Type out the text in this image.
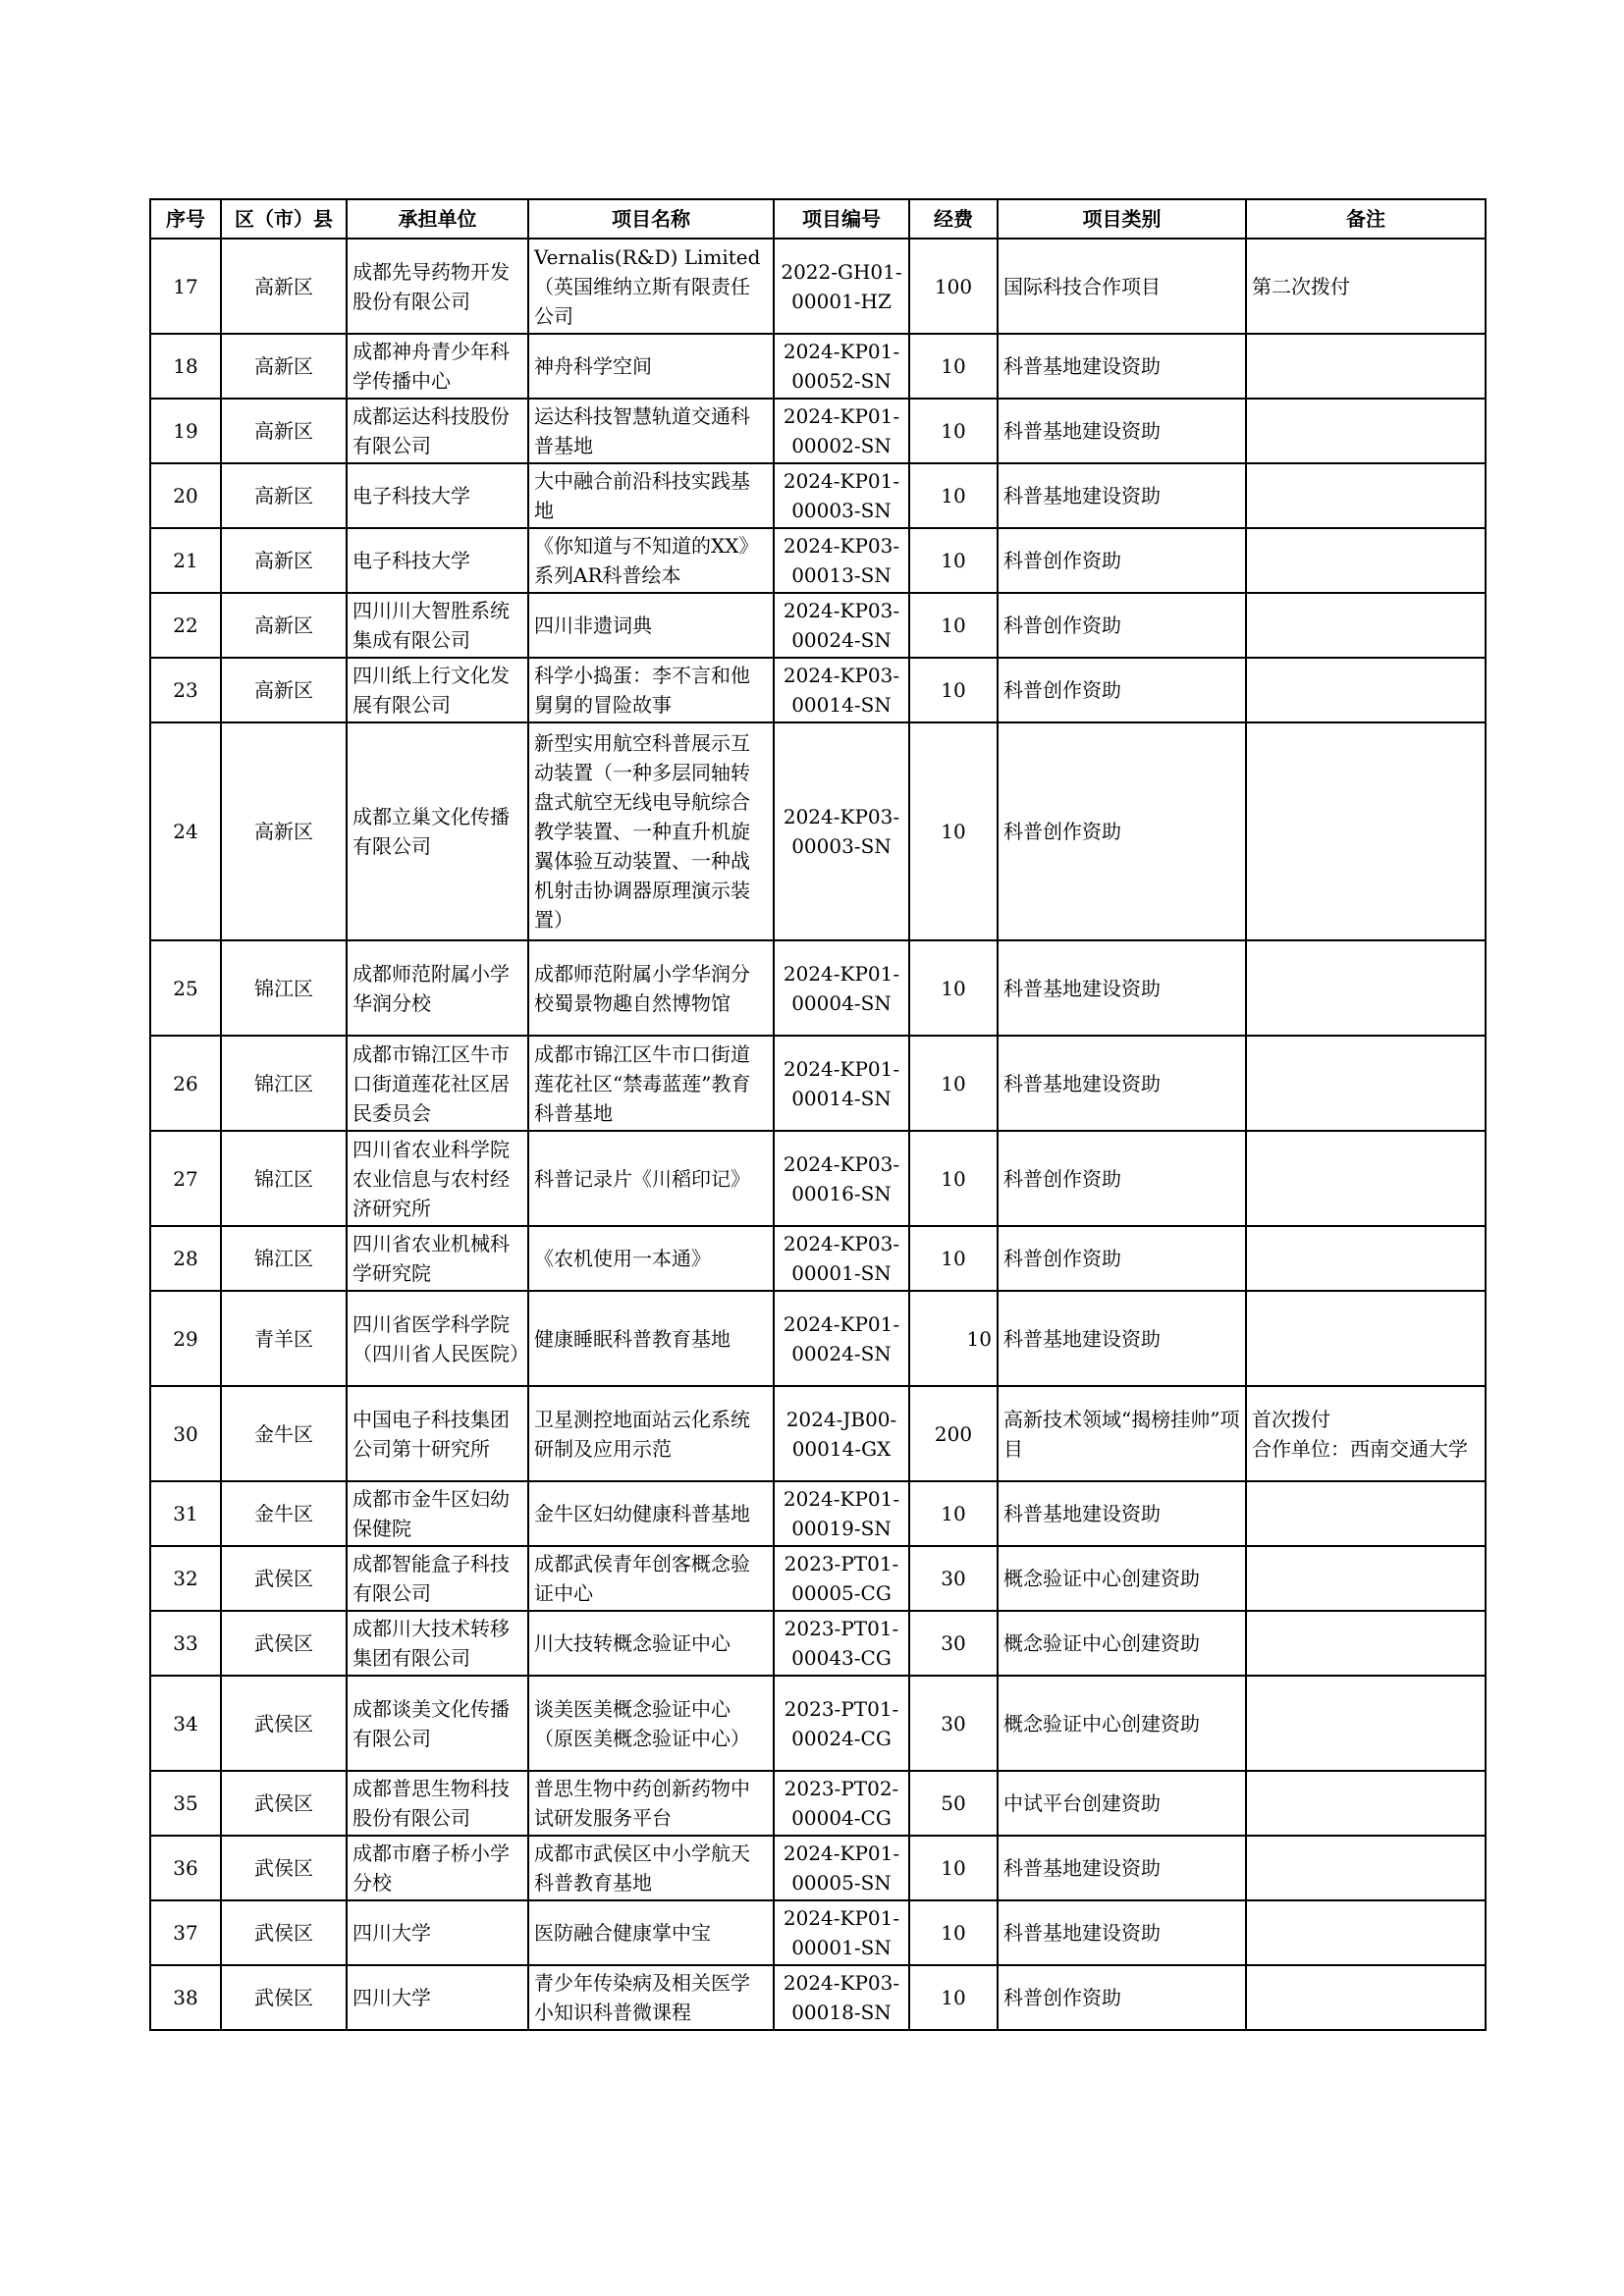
序号	区（市）县	承担单位	项目名称	项目编号	经费	项目类别	备注
17	高新区	成都先导药物开发股份有限公司	Vernalis(R&D) Limited（英国维纳立斯有限责任公司	2022-GH01-00001-HZ	100	国际科技合作项目	第二次拨付
18	高新区	成都神舟青少年科学传播中心	神舟科学空间	2024-KP01-00052-SN	10	科普基地建设资助	
19	高新区	成都运达科技股份有限公司	运达科技智慧轨道交通科普基地	2024-KP01-00002-SN	10	科普基地建设资助	
20	高新区	电子科技大学	大中融合前沿科技实践基地	2024-KP01-00003-SN	10	科普基地建设资助	
21	高新区	电子科技大学	《你知道与不知道的XX》系列AR科普绘本	2024-KP03-00013-SN	10	科普创作资助	
22	高新区	四川川大智胜系统集成有限公司	四川非遗词典	2024-KP03-00024-SN	10	科普创作资助	
23	高新区	四川纸上行文化发展有限公司	科学小捣蛋：李不言和他舅舅的冒险故事	2024-KP03-00014-SN	10	科普创作资助	
24	高新区	成都立巢文化传播有限公司	新型实用航空科普展示互动装置（一种多层同轴转盘式航空无线电导航综合教学装置、一种直升机旋翼体验互动装置、一种战机射击协调器原理演示装置）	2024-KP03-00003-SN	10	科普创作资助	
25	锦江区	成都师范附属小学华润分校	成都师范附属小学华润分校蜀景物趣自然博物馆	2024-KP01-00004-SN	10	科普基地建设资助	
26	锦江区	成都市锦江区牛市口街道莲花社区居民委员会	成都市锦江区牛市口街道莲花社区“禁毒蓝莲”教育科普基地	2024-KP01-00014-SN	10	科普基地建设资助	
27	锦江区	四川省农业科学院农业信息与农村经济研究所	科普记录片《川稻印记》	2024-KP03-00016-SN	10	科普创作资助	
28	锦江区	四川省农业机械科学研究院	《农机使用一本通》	2024-KP03-00001-SN	10	科普创作资助	
29	青羊区	四川省医学科学院（四川省人民医院）	健康睡眠科普教育基地	2024-KP01-00024-SN	10	科普基地建设资助	
30	金牛区	中国电子科技集团公司第十研究所	卫星测控地面站云化系统研制及应用示范	2024-JB00-00014-GX	200	高新技术领域“揭榜挂帅”项目	首次拨付
合作单位：西南交通大学
31	金牛区	成都市金牛区妇幼保健院	金牛区妇幼健康科普基地	2024-KP01-00019-SN	10	科普基地建设资助	
32	武侯区	成都智能盒子科技有限公司	成都武侯青年创客概念验证中心	2023-PT01-00005-CG	30	概念验证中心创建资助	
33	武侯区	成都川大技术转移集团有限公司	川大技转概念验证中心	2023-PT01-00043-CG	30	概念验证中心创建资助	
34	武侯区	成都谈美文化传播有限公司	谈美医美概念验证中心（原医美概念验证中心）	2023-PT01-00024-CG	30	概念验证中心创建资助	
35	武侯区	成都普思生物科技股份有限公司	普思生物中药创新药物中试研发服务平台	2023-PT02-00004-CG	50	中试平台创建资助	
36	武侯区	成都市磨子桥小学分校	成都市武侯区中小学航天科普教育基地	2024-KP01-00005-SN	10	科普基地建设资助	
37	武侯区	四川大学	医防融合健康掌中宝	2024-KP01-00001-SN	10	科普基地建设资助	
38	武侯区	四川大学	青少年传染病及相关医学小知识科普微课程	2024-KP03-00018-SN	10	科普创作资助	
